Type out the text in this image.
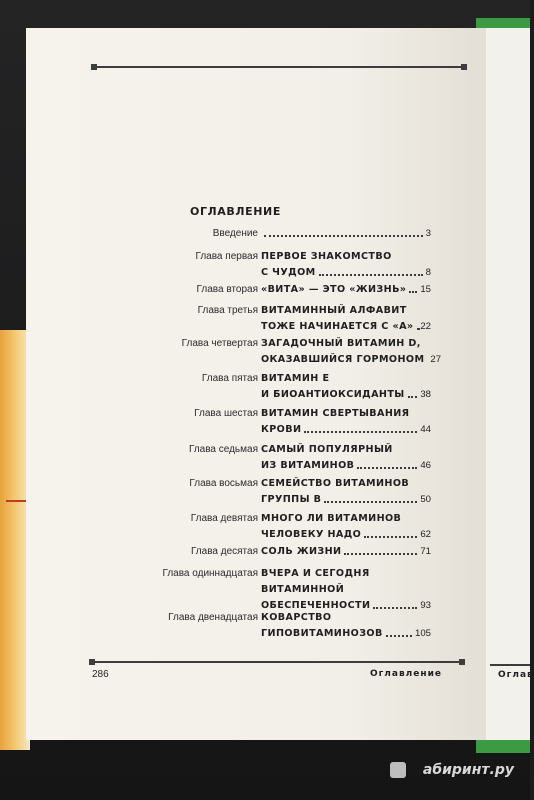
Оглав
ОГЛАВЛЕНИЕ
Введение	3
Глава первая ПЕРВОЕ ЗНАКОМСТВО
С ЧУДОМ	8
Глава вторая «ВИТА» — ЭТО «ЖИЗНЬ»	15
Глава третья ВИТАМИННЫЙ АЛФАВИТ
ТОЖЕ НАЧИНАЕТСЯ С «А» 22
Глава четвертая ЗАГАДОЧНЫЙ ВИТАМИН D,
ОКАЗАВШИЙСЯ ГОРМОНОМ 27
Глава пятая ВИТАМИН Е
И БИОАНТИОКСИДАНТЫ	38
Глава шестая ВИТАМИН СВЕРТЫВАНИЯ
КРОВИ	44
Глава седьмая САМЫЙ ПОПУЛЯРНЫЙ
ИЗ ВИТАМИНОВ	46
Глава восьмая СЕМЕЙСТВО ВИТАМИНОВ
ГРУППЫ В	50
Глава девятая МНОГО ЛИ ВИТАМИНОВ
ЧЕЛОВЕКУ НАДО	62
Глава десятая СОЛЬ ЖИЗНИ	71
Глава одиннадцатая ВЧЕРА И СЕГОДНЯ
ВИТАМИННОЙ
ОБЕСПЕЧЕННОСТИ	93
Глава двенадцатая КОВАРСТВО
ГИПОВИТАМИНОЗОВ	105
286	Оглавление
абиринт.ру
